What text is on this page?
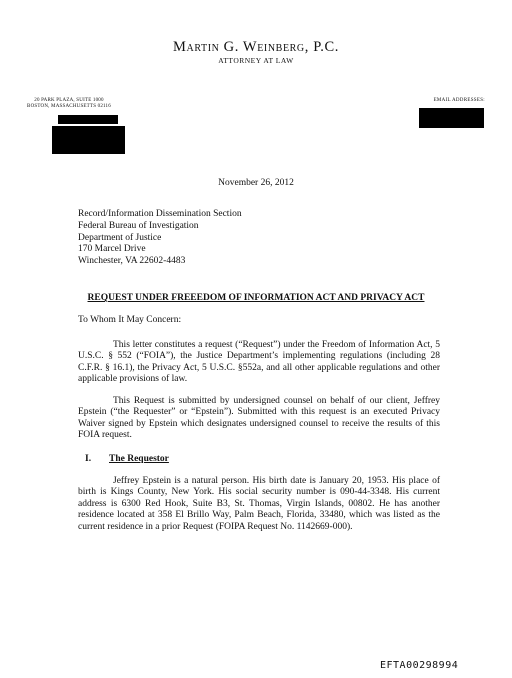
Martin G. Weinberg, P.C.
ATTORNEY AT LAW
20 PARK PLAZA, SUITE 1000
BOSTON, MASSACHUSETTS 02116
EMAIL ADDRESSES:
November 26, 2012
Record/Information Dissemination Section
Federal Bureau of Investigation
Department of Justice
170 Marcel Drive
Winchester, VA 22602-4483
REQUEST UNDER FREEEDOM OF INFORMATION ACT AND PRIVACY ACT
To Whom It May Concern:

This letter constitutes a request (“Request”) under the Freedom of Information Act, 5 U.S.C. § 552 (“FOIA”), the Justice Department’s implementing regulations (including 28 C.F.R. § 16.1), the Privacy Act, 5 U.S.C. §552a, and all other applicable regulations and other applicable provisions of law.

This Request is submitted by undersigned counsel on behalf of our client, Jeffrey Epstein (“the Requester” or “Epstein”). Submitted with this request is an executed Privacy Waiver signed by Epstein which designates undersigned counsel to receive the results of this FOIA request.

I. The Requestor

Jeffrey Epstein is a natural person. His birth date is January 20, 1953. His place of birth is Kings County, New York. His social security number is 090-44-3348. His current address is 6300 Red Hook, Suite B3, St. Thomas, Virgin Islands, 00802. He has another residence located at 358 El Brillo Way, Palm Beach, Florida, 33480, which was listed as the current residence in a prior Request (FOIPA Request No. 1142669-000).

EFTA00298994
